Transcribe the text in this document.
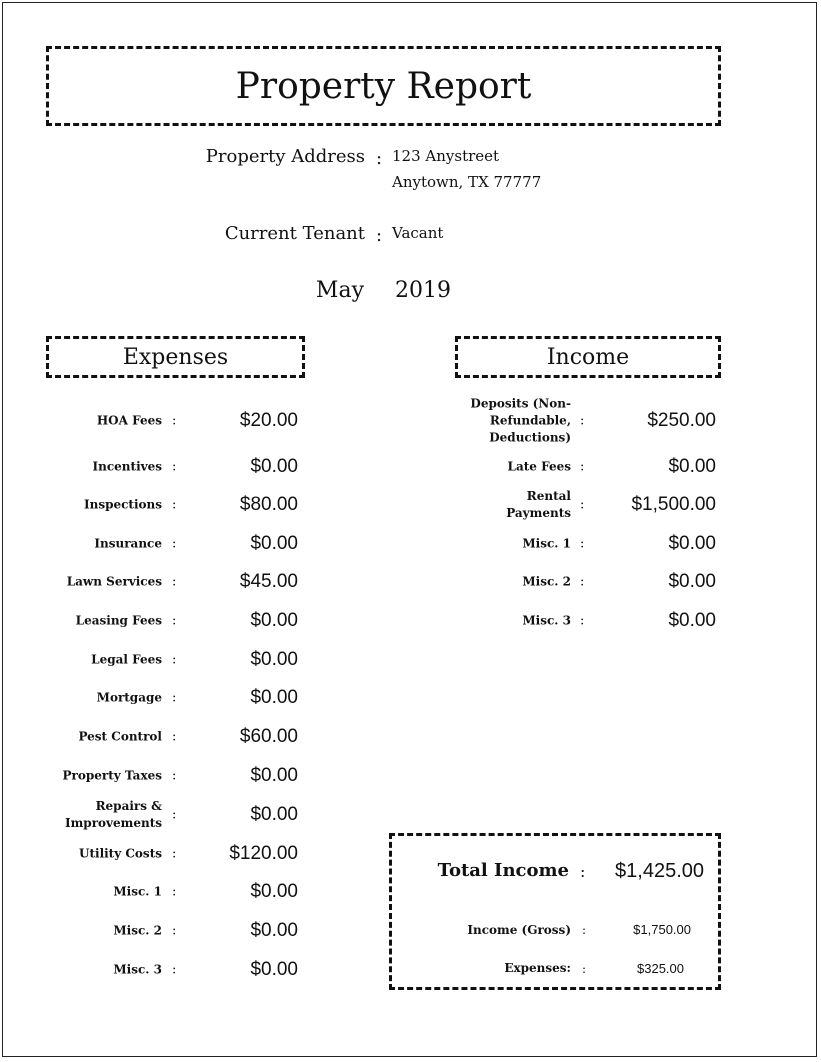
Property Report
Property Address : 123 Anystreet
Anytown, TX 77777
Current Tenant : Vacant
May 2019
Expenses	Income
HOA Fees :	$20.00
Incentives :	$0.00
Inspections :	$80.00
Insurance :	$0.00
Lawn Services :	$45.00
Leasing Fees :	$0.00
Legal Fees :	$0.00
Mortgage :	$0.00
Pest Control :	$60.00
Property Taxes :	$0.00
Repairs & Improvements
:	$0.00
Utility Costs :	$120.00
Misc. 1 :	$0.00
Misc. 2 :	$0.00
Misc. 3 :	$0.00
Deposits (Non-Refundable, Deductions)
:	$250.00
Late Fees :	$0.00
Rental Payments
: $1,500.00
Misc. 1 :	$0.00
Misc. 2 :	$0.00
Misc. 3 :	$0.00
Total Income : $1,425.00
Income (Gross) :	$1,750.00
Expenses: :	$325.00
